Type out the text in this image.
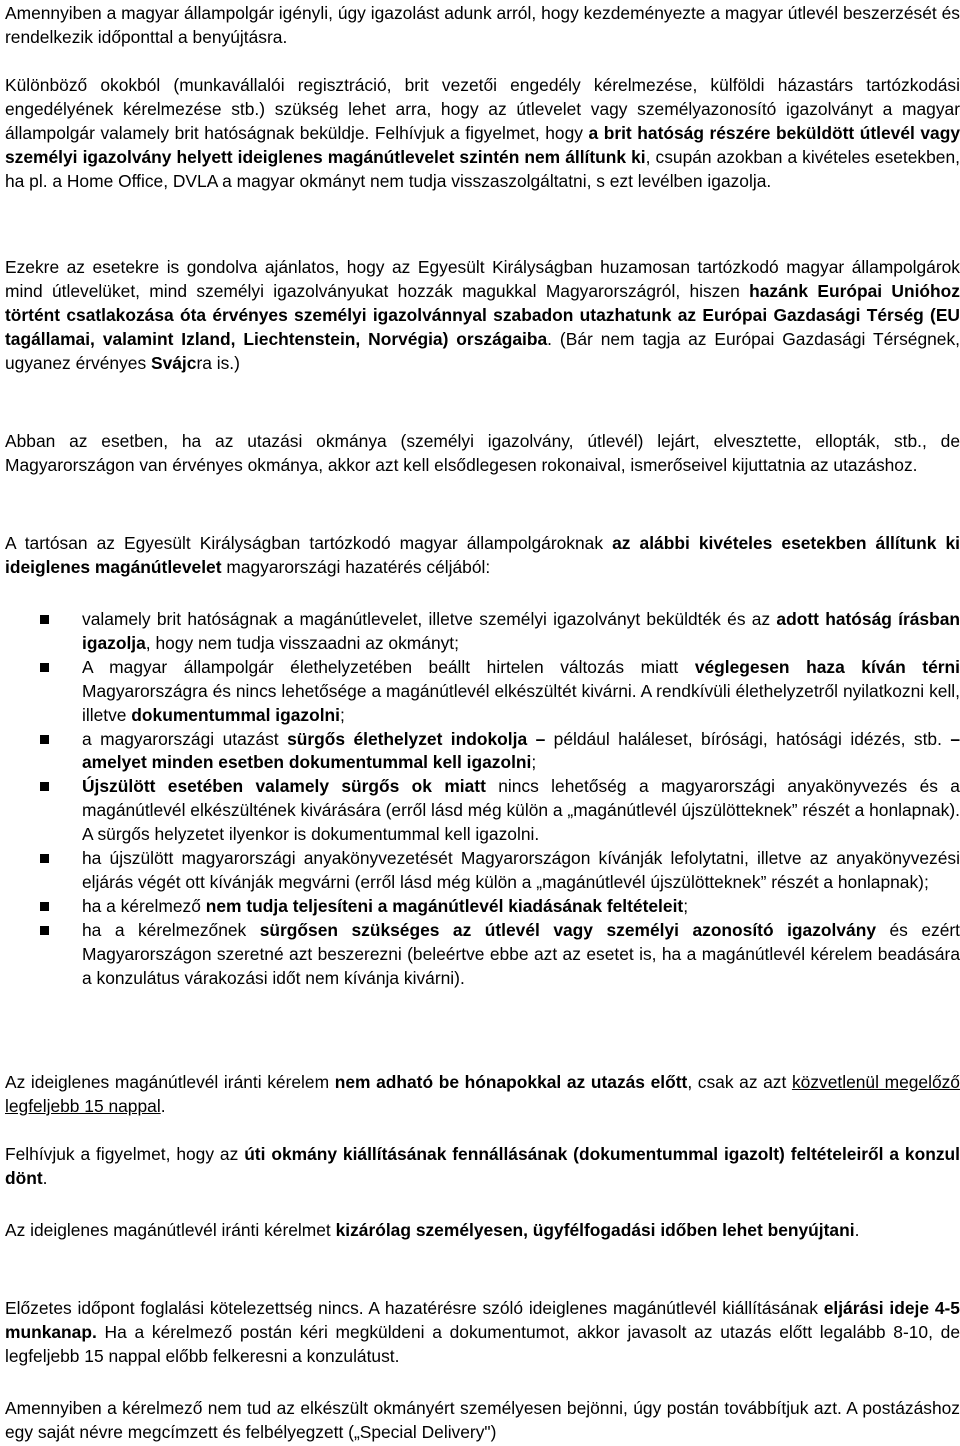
Amennyiben a magyar állampolgár igényli, úgy igazolást adunk arról, hogy kezdeményezte a magyar útlevél beszerzését és rendelkezik időponttal a benyújtásra.

Különböző okokból (munkavállalói regisztráció, brit vezetői engedély kérelmezése, külföldi házastárs tartózkodási engedélyének kérelmezése stb.) szükség lehet arra, hogy az útlevelet vagy személyazonosító igazolványt a magyar állampolgár valamely brit hatóságnak beküldje. Felhívjuk a figyelmet, hogy a brit hatóság részére beküldött útlevél vagy személyi igazolvány helyett ideiglenes magánútlevelet szintén nem állítunk ki, csupán azokban a kivételes esetekben, ha pl. a Home Office, DVLA a magyar okmányt nem tudja visszaszolgáltatni, s ezt levélben igazolja.

Ezekre az esetekre is gondolva ajánlatos, hogy az Egyesült Királyságban huzamosan tartózkodó magyar állampolgárok mind útlevelüket, mind személyi igazolványukat hozzák magukkal Magyarországról, hiszen hazánk Európai Unióhoz történt csatlakozása óta érvényes személyi igazolvánnyal szabadon utazhatunk az Európai Gazdasági Térség (EU tagállamai, valamint Izland, Liechtenstein, Norvégia) országaiba. (Bár nem tagja az Európai Gazdasági Térségnek, ugyanez érvényes Svájcra is.)

Abban az esetben, ha az utazási okmánya (személyi igazolvány, útlevél) lejárt, elvesztette, ellopták, stb., de Magyarországon van érvényes okmánya, akkor azt kell elsődlegesen rokonaival, ismerőseivel kijuttatnia az utazáshoz.

A tartósan az Egyesült Királyságban tartózkodó magyar állampolgároknak az alábbi kivételes esetekben állítunk ki ideiglenes magánútlevelet magyarországi hazatérés céljából:

valamely brit hatóságnak a magánútlevelet, illetve személyi igazolványt beküldték és az adott hatóság írásban igazolja, hogy nem tudja visszaadni az okmányt;
A magyar állampolgár élethelyzetében beállt hirtelen változás miatt véglegesen haza kíván térni Magyarországra és nincs lehetősége a magánútlevél elkészültét kivárni. A rendkívüli élethelyzetről nyilatkozni kell, illetve dokumentummal igazolni;
a magyarországi utazást sürgős élethelyzet indokolja – például haláleset, bírósági, hatósági idézés, stb. – amelyet minden esetben dokumentummal kell igazolni;
Újszülött esetében valamely sürgős ok miatt nincs lehetőség a magyarországi anyakönyvezés és a magánútlevél elkészültének kivárására (erről lásd még külön a „magánútlevél újszülötteknek” részét a honlapnak). A sürgős helyzetet ilyenkor is dokumentummal kell igazolni.
ha újszülött magyarországi anyakönyvezetését Magyarországon kívánják lefolytatni, illetve az anyakönyvezési eljárás végét ott kívánják megvárni (erről lásd még külön a „magánútlevél újszülötteknek” részét a honlapnak);
ha a kérelmező nem tudja teljesíteni a magánútlevél kiadásának feltételeit;
ha a kérelmezőnek sürgősen szükséges az útlevél vagy személyi azonosító igazolvány és ezért Magyarországon szeretné azt beszerezni (beleértve ebbe azt az esetet is, ha a magánútlevél kérelem beadására a konzulátus várakozási időt nem kívánja kivárni).

Az ideiglenes magánútlevél iránti kérelem nem adható be hónapokkal az utazás előtt, csak az azt közvetlenül megelőző legfeljebb 15 nappal.

Felhívjuk a figyelmet, hogy az úti okmány kiállításának fennállásának (dokumentummal igazolt) feltételeiről a konzul dönt.

Az ideiglenes magánútlevél iránti kérelmet kizárólag személyesen, ügyfélfogadási időben lehet benyújtani.

Előzetes időpont foglalási kötelezettség nincs. A hazatérésre szóló ideiglenes magánútlevél kiállításának eljárási ideje 4-5 munkanap. Ha a kérelmező postán kéri megküldeni a dokumentumot, akkor javasolt az utazás előtt legalább 8-10, de legfeljebb 15 nappal előbb felkeresni a konzulátust.

Amennyiben a kérelmező nem tud az elkészült okmányért személyesen bejönni, úgy postán továbbítjuk azt. A postázáshoz egy saját névre megcímzett és felbélyegzett („Special Delivery")
